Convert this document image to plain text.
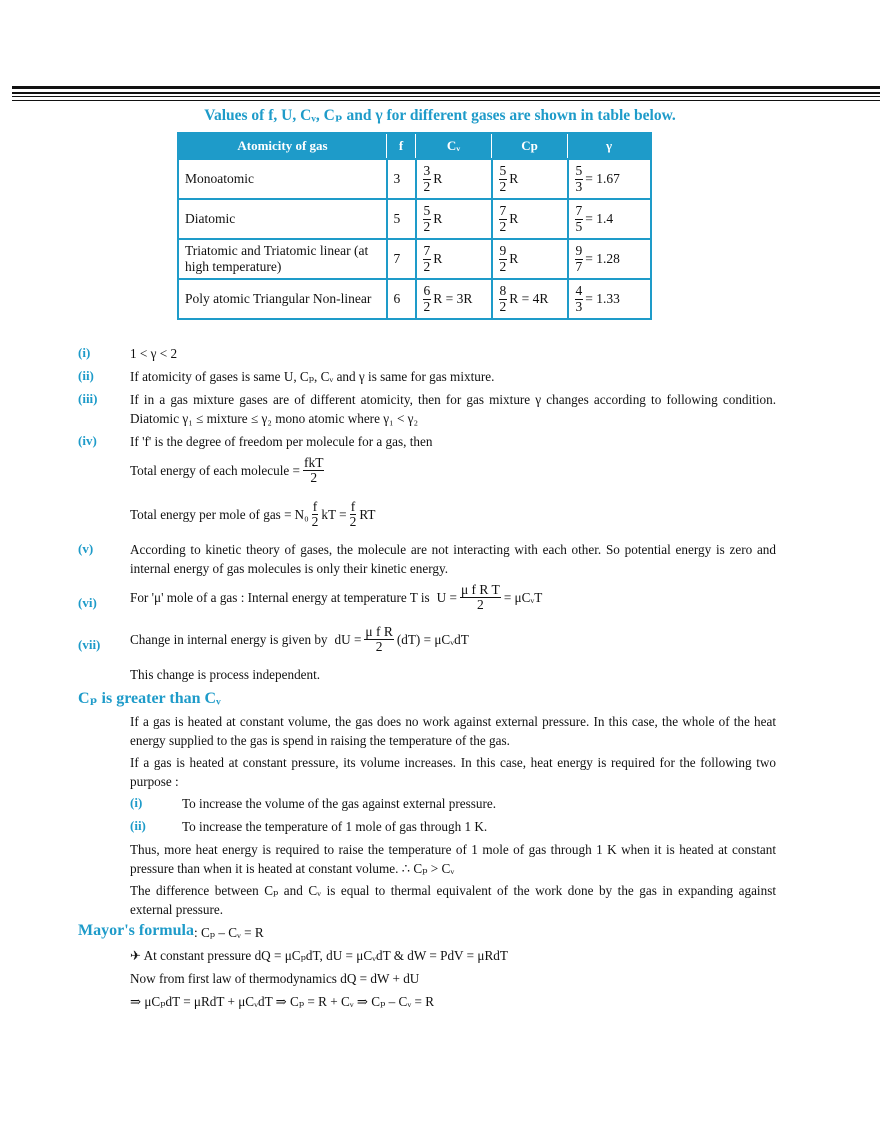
Values of f, U, Cᵥ, Cₚ and γ for different gases are shown in table below.
Atomicity of gas	f	Cᵥ	Cp	γ
Monoatomic	3	$\frac{3}{2}$ R	$\frac{5}{2}$ R	$\frac{5}{3} = 1.67$

Diatomic	5	$\frac{5}{2}$ R	$\frac{7}{2}$ R	$\frac{7}{5} = 1.4$

Triatomic and Triatomic linear (at high temperature)	7	$\frac{7}{2}$ R	$\frac{9}{2}$ R	$\frac{9}{7} = 1.28$

Poly atomic Triangular Non-linear	6	$\frac{6}{2}$ R = 3R	$\frac{8}{2}$ R = 4R	$\frac{4}{3} = 1.33$
(i)	1 < γ < 2
(ii)	If atomicity of gases is same U, Cₚ, Cᵥ and γ is same for gas mixture.
(iii) If in a gas mixture gases are of different atomicity, then for gas mixture γ changes according to following condition. Diatomic γ₁ ≤ mixture ≤ γ₂ mono atomic where γ₁ < γ₂
(iv)	If 'f' is the degree of freedom per molecule for a gas, then
Total energy of each molecule = $\frac{\text{fkT}}{2}$
Total energy per mole of gas = $N_0 \frac{f}{2}$ kT = $\frac{f}{2}$ RT
(v)	According to kinetic theory of gases, the molecule are not interacting with each other. So potential energy is zero and internal energy of gas molecules is only their kinetic energy.
(vi)	For 'μ' mole of a gas : Internal energy at temperature T is $U = \frac{\text{μ f R T}}{2}$ = μCᵥT
(vii) Change in internal energy is given by dU = $\frac{\text{μ f R}}{2} (dT)$ = μCᵥdT
This change is process independent.
Cₚ is greater than Cᵥ
If a gas is heated at constant volume, the gas does no work against external pressure. In this case, the whole of the heat energy supplied to the gas is spend in raising the temperature of the gas.
If a gas is heated at constant pressure, its volume increases. In this case, heat energy is required for the following two purpose :
(i)	To increase the volume of the gas against external pressure.
(ii)	To increase the temperature of 1 mole of gas through 1 K.
Thus, more heat energy is required to raise the temperature of 1 mole of gas through 1 K when it is heated at constant pressure than when it is heated at constant volume. ∴ Cₚ > Cᵥ
The difference between Cₚ and Cᵥ is equal to thermal equivalent of the work done by the gas in expanding against external pressure.
Mayor's formula : Cₚ – Cᵥ = R
✈ At constant pressure dQ = μCₚdT, dU = μCᵥdT & dW = PdV = μRdT
Now from first law of thermodynamics dQ = dW + dU
⇒ μCₚdT = μRdT + μCᵥdT ⇒ Cₚ = R + Cᵥ ⇒ Cₚ – Cᵥ = R
